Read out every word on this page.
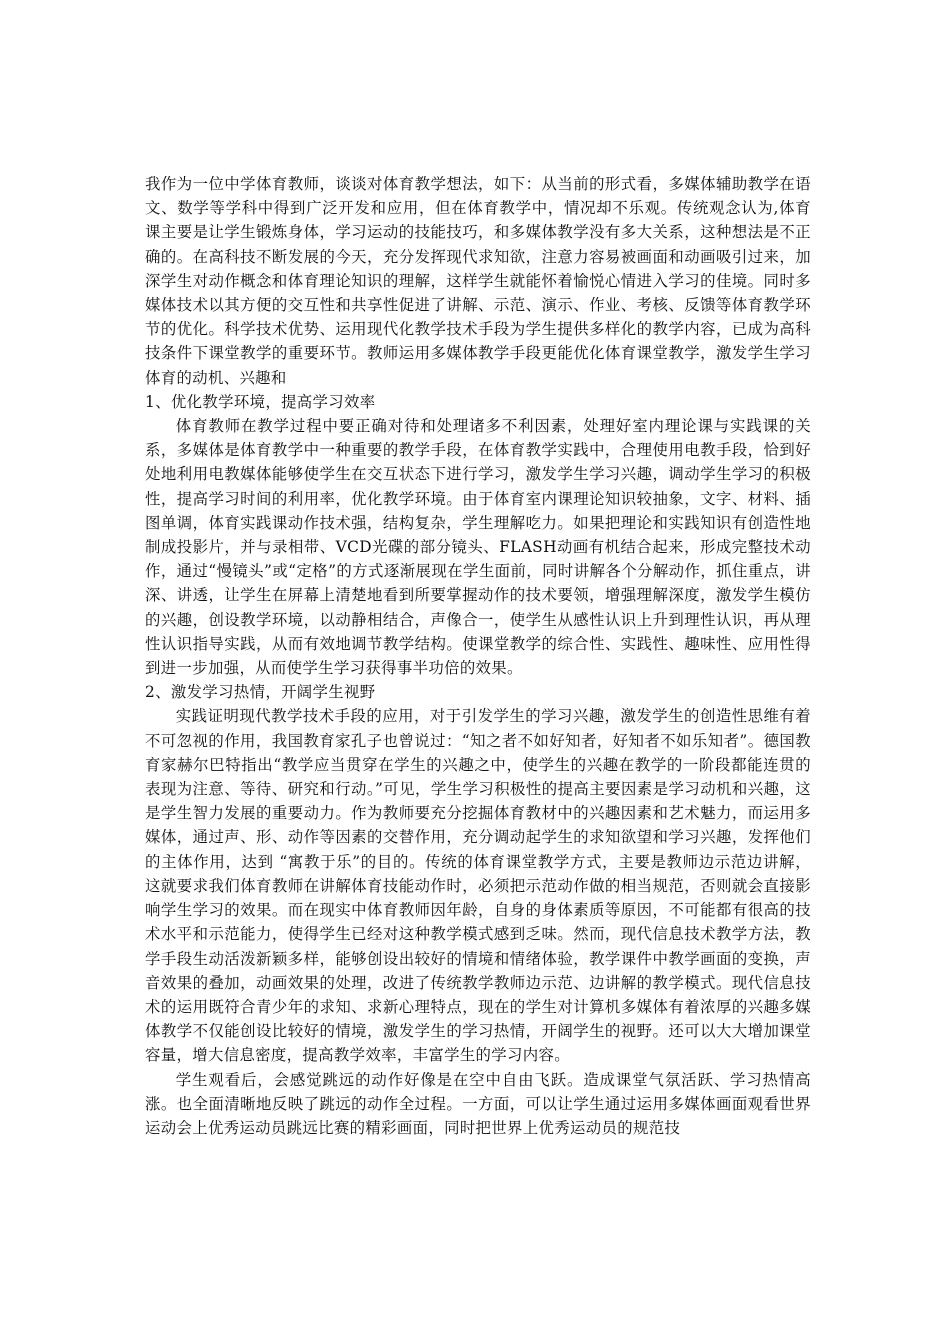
我作为一位中学体育教师，谈谈对体育教学想法，如下：从当前的形式看，多媒体辅助教学在语文、数学等学科中得到广泛开发和应用，但在体育教学中，情况却不乐观。传统观念认为,体育课主要是让学生锻炼身体，学习运动的技能技巧，和多媒体教学没有多大关系，这种想法是不正确的。在高科技不断发展的今天，充分发挥现代求知欲，注意力容易被画面和动画吸引过来，加深学生对动作概念和体育理论知识的理解，这样学生就能怀着愉悦心情进入学习的佳境。同时多媒体技术以其方便的交互性和共享性促进了讲解、示范、演示、作业、考核、反馈等体育教学环节的优化。科学技术优势、运用现代化教学技术手段为学生提供多样化的教学内容，已成为高科技条件下课堂教学的重要环节。教师运用多媒体教学手段更能优化体育课堂教学，激发学生学习体育的动机、兴趣和

1、优化教学环境，提高学习效率

体育教师在教学过程中要正确对待和处理诸多不利因素，处理好室内理论课与实践课的关系，多媒体是体育教学中一种重要的教学手段，在体育教学实践中，合理使用电教手段，恰到好处地利用电教媒体能够使学生在交互状态下进行学习，激发学生学习兴趣，调动学生学习的积极性，提高学习时间的利用率，优化教学环境。由于体育室内课理论知识较抽象，文字、材料、插图单调，体育实践课动作技术强，结构复杂，学生理解吃力。如果把理论和实践知识有创造性地制成投影片，并与录相带、VCD光碟的部分镜头、FLASH动画有机结合起来，形成完整技术动作，通过“慢镜头”或“定格”的方式逐渐展现在学生面前，同时讲解各个分解动作，抓住重点，讲深、讲透，让学生在屏幕上清楚地看到所要掌握动作的技术要领，增强理解深度，激发学生模仿的兴趣，创设教学环境，以动静相结合，声像合一，使学生从感性认识上升到理性认识，再从理性认识指导实践，从而有效地调节教学结构。使课堂教学的综合性、实践性、趣味性、应用性得到进一步加强，从而使学生学习获得事半功倍的效果。

2、激发学习热情，开阔学生视野

实践证明现代教学技术手段的应用，对于引发学生的学习兴趣，激发学生的创造性思维有着不可忽视的作用，我国教育家孔子也曾说过：“知之者不如好知者，好知者不如乐知者”。德国教育家赫尔巴特指出“教学应当贯穿在学生的兴趣之中，使学生的兴趣在教学的一阶段都能连贯的表现为注意、等待、研究和行动。”可见，学生学习积极性的提高主要因素是学习动机和兴趣，这是学生智力发展的重要动力。作为教师要充分挖掘体育教材中的兴趣因素和艺术魅力，而运用多媒体，通过声、形、动作等因素的交替作用，充分调动起学生的求知欲望和学习兴趣，发挥他们的主体作用，达到 “寓教于乐”的目的。传统的体育课堂教学方式，主要是教师边示范边讲解，这就要求我们体育教师在讲解体育技能动作时，必须把示范动作做的相当规范，否则就会直接影响学生学习的效果。而在现实中体育教师因年龄，自身的身体素质等原因，不可能都有很高的技术水平和示范能力，使得学生已经对这种教学模式感到乏味。然而，现代信息技术教学方法，教学手段生动活泼新颖多样，能够创设出较好的情境和情绪体验，教学课件中教学画面的变换，声音效果的叠加，动画效果的处理，改进了传统教学教师边示范、边讲解的教学模式。现代信息技术的运用既符合青少年的求知、求新心理特点，现在的学生对计算机多媒体有着浓厚的兴趣多媒体教学不仅能创设比较好的情境，激发学生的学习热情，开阔学生的视野。还可以大大增加课堂容量，增大信息密度，提高教学效率，丰富学生的学习内容。

学生观看后，会感觉跳远的动作好像是在空中自由飞跃。造成课堂气氛活跃、学习热情高涨。也全面清晰地反映了跳远的动作全过程。一方面，可以让学生通过运用多媒体画面观看世界运动会上优秀运动员跳远比赛的精彩画面，同时把世界上优秀运动员的规范技
